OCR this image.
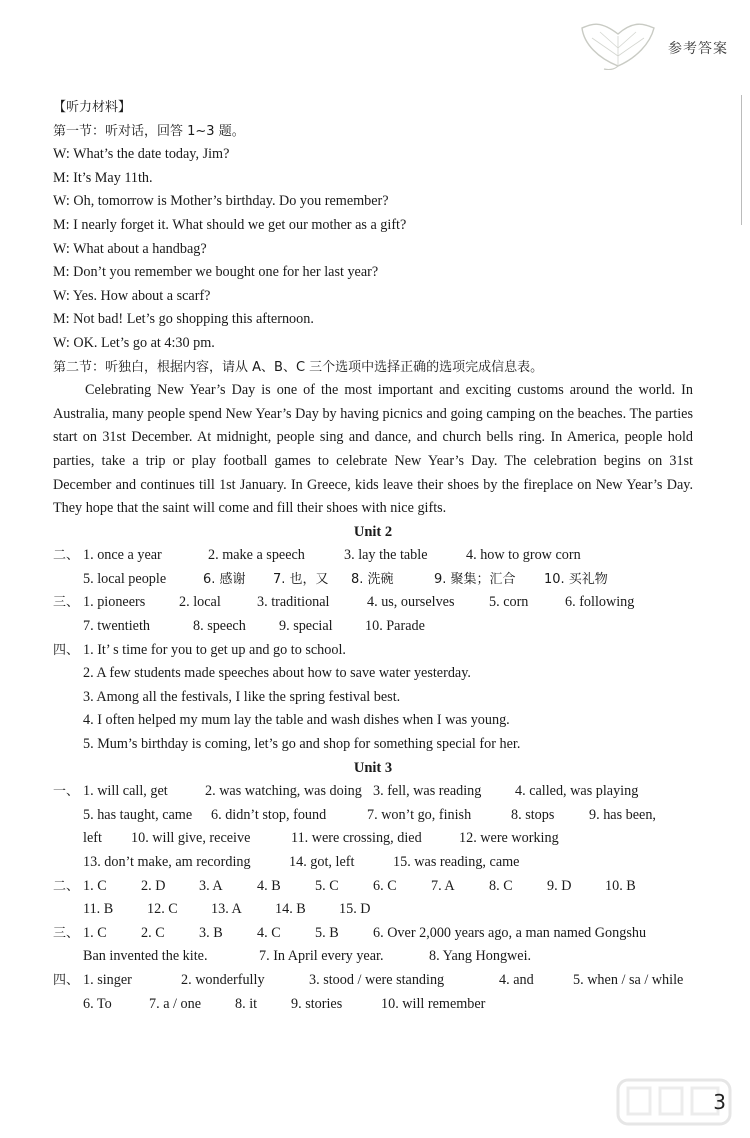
参考答案
【听力材料】
第一节：听对话，回答 1~3 题。
W: What’s the date today, Jim?
M: It’s May 11th.
W: Oh, tomorrow is Mother’s birthday. Do you remember?
M: I nearly forget it. What should we get our mother as a gift?
W: What about a handbag?
M: Don’t you remember we bought one for her last year?
W: Yes. How about a scarf?
M: Not bad! Let’s go shopping this afternoon.
W: OK. Let’s go at 4:30 pm.
第二节：听独白，根据内容，请从 A、B、C 三个选项中选择正确的选项完成信息表。
Celebrating New Year’s Day is one of the most important and exciting customs around the world. In Australia, many people spend New Year’s Day by having picnics and going camping on the beaches. The parties start on 31st December. At midnight, people sing and dance, and church bells ring. In America, people hold parties, take a trip or play football games to celebrate New Year’s Day. The celebration begins on 31st December and continues till 1st January. In Greece, kids leave their shoes by the fireplace on New Year’s Day. They hope that the saint will come and fill their shoes with nice gifts.
Unit 2
二、 1. once a year	2. make a speech	3. lay the table	4. how to grow corn
5. local people	6. 感谢	7. 也，又	8. 洗碗	9. 聚集；汇合	10. 买礼物
三、 1. pioneers	2. local	3. traditional	4. us, ourselves	5. corn	6. following
7. twentieth	8. speech	9. special	10. Parade
四、 1. It’ s time for you to get up and go to school.
2. A few students made speeches about how to save water yesterday.
3. Among all the festivals, I like the spring festival best.
4. I often helped my mum lay the table and wash dishes when I was young.
5. Mum’s birthday is coming, let’s go and shop for something special for her.
Unit 3
一、 1. will call, get	2. was watching, was doing 3. fell, was reading	4. called, was playing
5. has taught, came	6. didn’t stop, found	7. won’t go, finish	8. stops	9. has been,
left	10. will give, receive	11. were crossing, died	12. were working
13. don’t make, am recording	14. got, left	15. was reading, came
二、 1. C	2. D	3. A	4. B	5. C	6. C	7. A	8. C	9. D	10. B
11. B	12. C	13. A	14. B	15. D
三、 1. C	2. C	3. B	4. C	5. B	6. Over 2,000 years ago, a man named Gongshu
Ban invented the kite.	7. In April every year.	8. Yang Hongwei.
四、 1. singer	2. wonderfully	3. stood / were standing	4. and	5. when / sa / while
6. To	7. a / one	8. it	9. stories	10. will remember
3
